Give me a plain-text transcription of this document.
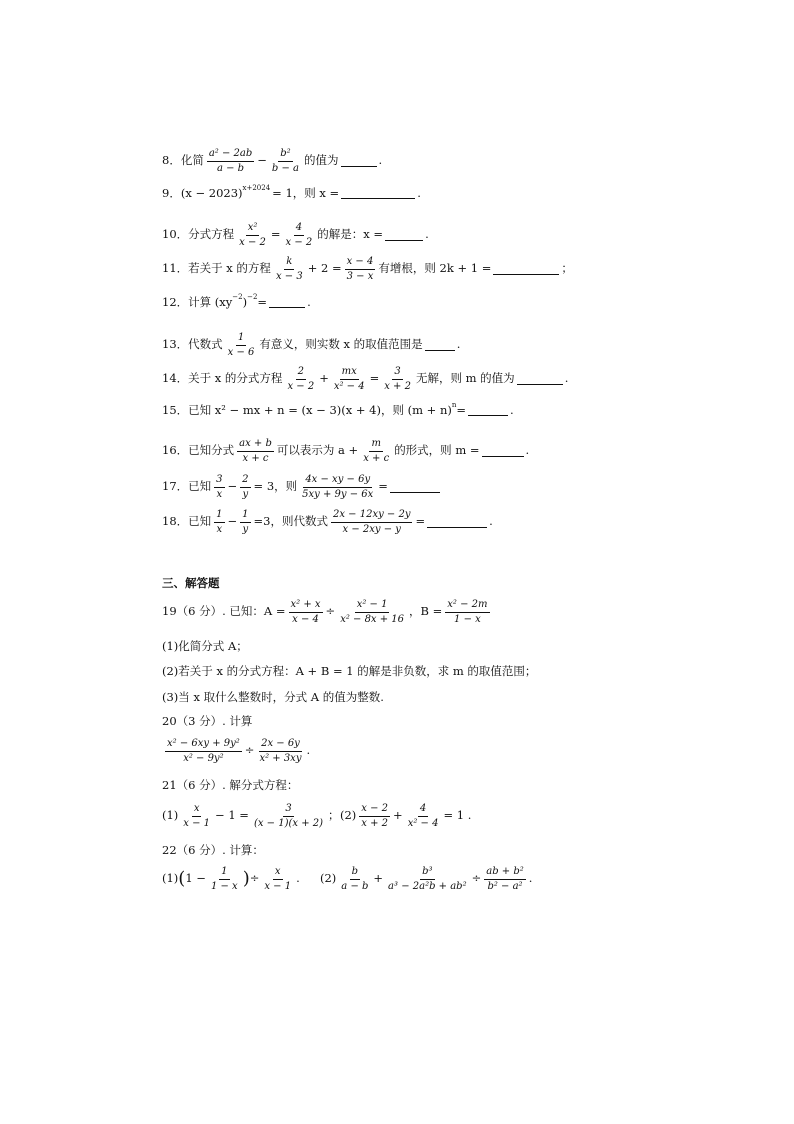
8 ．化简 $\frac{\text{a² − 2ab}}{a - b} - \frac{\text{b²}}{b - a}$ 的值为	.
9 ．$(x - 2023)^{x+2024} = 1$，则 x =	.
10 ．分式方程 $\frac{\text{x²}}{x - 2} = \frac{4}{x - 2}$ 的解是：x =	.
11 ．若关于 x 的方程 $\frac{k}{x - 3} + 2 = \frac{x - 4}{3 - x}$ 有增根，则 2k + 1 =	；
12 ．计算 ($xy^{-2}$ )$^{-2}$ =	.
13 ．代数式 $\frac{1}{x - 6}$ 有意义，则实数 x 的取值范围是	.
14 ．关于 x 的分式方程 $\frac{2}{x - 2} + \frac{mx}{\text{x² − 4}} = \frac{3}{x + 2}$ 无解，则 m 的值为	.
15 ．已知 x² − mx + n = (x − 3)(x + 4)，则 $(m + n)^n$ =	.
16 ．已知分式 $\frac{ax + b}{x + c}$ 可以表示为 $a + \frac{m}{x + c}$ 的形式，则 m =	.
17 ．已知 $\frac{3}{x} - \frac{2}{y} = 3$，则 $\frac{4x - xy - 6y}{5xy + 9y - 6x}$ =
18 ．已知 $\frac{1}{x} - \frac{1}{y} =3$，则代数式 $\frac{2x - 12xy - 2y}{x - 2xy - y}$ =	.
三、解答题
19（6 分）. 已知：$A = \frac{\text{x² + x}}{x - 4} \div \frac{\text{x² − 1}}{\text{x² − 8x + 16}}$ ，$B = \frac{\text{x² − 2m}}{1 - x}$
(1)化简分式 A；
(2)若关于 x 的分式方程：A + B = 1 的解是非负数，求 m 的取值范围；
(3)当 x 取什么整数时，分式 A 的值为整数.
20（3 分）. 计算
$\frac{\text{x² − 6xy + 9y²}}{\text{x² − 9y²}} \div \frac{2x - 6y}{\text{x² + 3xy}}$ .
21（6 分）. 解分式方程：
$(1) \frac{x}{x - 1} - 1 = \frac{3}{(x - 1)(x + 2)}$ ； $(2) \frac{x - 2}{x + 2} + \frac{4}{\text{x² − 4}} = 1$ .
22（6 分）. 计算：
(1) ( $1 - \frac{1}{1 - x}$ ) ÷ $\frac{x}{x - 1}$ . $(2) \frac{b}{a - b} + \frac{\text{b³}}{\text{a³ − 2a²b + ab²}} \div \frac{\text{ab + b²}}{\text{b² − a²}}$ .
